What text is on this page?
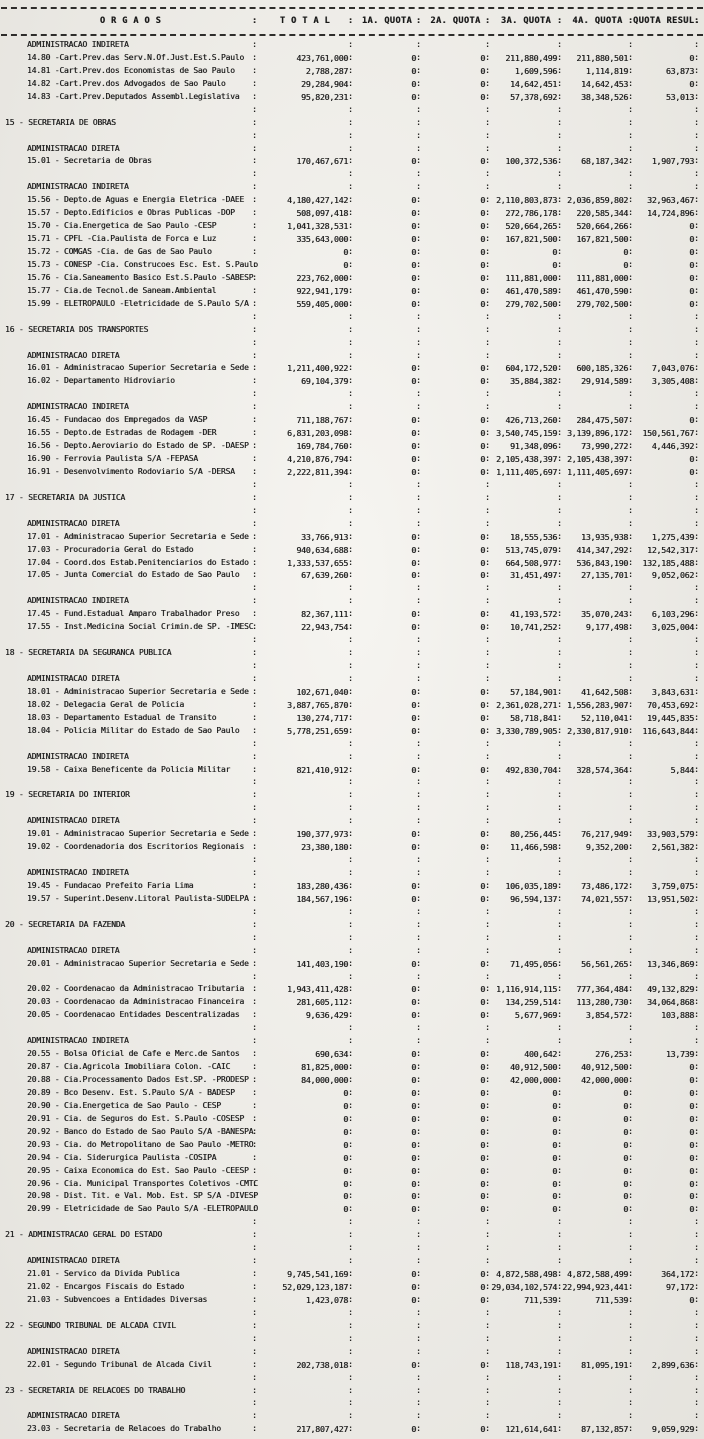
O R G A O S :	T O T A L :	1A. QUOTA :	2A. QUOTA :	3A. QUOTA :	4A. QUOTA :	QUOTA RESUL. :
ADMINISTRACAO INDIRETA :
:
:
:
:
:
:
14.80 -Cart.Prev.das Serv.N.Of.Just.Est.S.Paulo :	423,761,000 :	0 :	0 :	211,880,499 :	211,880,501 :	0 :
14.81 -Cart.Prev.dos Economistas de Sao Paulo :	2,788,287 :	0 :	0 :	1,609,596 :	1,114,819 :	63,873 :
14.82 -Cart.Prev.dos Advogados de Sao Paulo :	29,284,904 :	0 :	0 :	14,642,451 :	14,642,453 :	0 :
14.83 -Cart.Prev.Deputados Assembl.Legislativa :	95,820,231 :	0 :	0 :	57,378,692 :	38,348,526 :	53,013 :
:
:
:
:
:
:
:
15 - SECRETARIA DE OBRAS :
:
:
:
:
:
:
:
:
:
:
:
:
:
ADMINISTRACAO DIRETA :
:
:
:
:
:
:
15.01 - Secretaria de Obras :	170,467,671 :	0 :	0 :	100,372,536 :	68,187,342 :	1,907,793 :
:
:
:
:
:
:
:
ADMINISTRACAO INDIRETA :
:
:
:
:
:
:
15.56 - Depto.de Aguas e Energia Eletrica -DAEE :	4,180,427,142 :	0 :	0 :	2,110,803,873 :	2,036,859,802 :	32,963,467 :
15.57 - Depto.Edificios e Obras Publicas -DOP :	508,097,418 :	0 :	0 :	272,786,178 :	220,585,344 :	14,724,896 :
15.70 - Cia.Energetica de Sao Paulo -CESP :	1,041,328,531 :	0 :	0 :	520,664,265 :	520,664,266 :	0 :
15.71 - CPFL -Cia.Paulista de Forca e Luz :	335,643,000 :	0 :	0 :	167,821,500 :	167,821,500 :	0 :
15.72 - COMGAS -Cia. de Gas de Sao Paulo :	0 :	0 :	0 :	0 :	0 :	0 :
15.73 - CONESP -Cia. Construcoes Esc. Est. S.Paulo :	0 :	0 :	0 :	0 :	0 :	0 :
15.76 - Cia.Saneamento Basico Est.S.Paulo -SABESP :	223,762,000 :	0 :	0 :	111,881,000 :	111,881,000 :	0 :
15.77 - Cia.de Tecnol.de Saneam.Ambiental :	922,941,179 :	0 :	0 :	461,470,589 :	461,470,590 :	0 :
15.99 - ELETROPAULO -Eletricidade de S.Paulo S/A :	559,405,000 :	0 :	0 :	279,702,500 :	279,702,500 :	0 :
:
:
:
:
:
:
:
16 - SECRETARIA DOS TRANSPORTES :
:
:
:
:
:
:
:
:
:
:
:
:
:
ADMINISTRACAO DIRETA :
:
:
:
:
:
:
16.01 - Administracao Superior Secretaria e Sede :	1,211,400,922 :	0 :	0 :	604,172,520 :	600,185,326 :	7,043,076 :
16.02 - Departamento Hidroviario :	69,104,379 :	0 :	0 :	35,884,382 :	29,914,589 :	3,305,408 :
:
:
:
:
:
:
:
ADMINISTRACAO INDIRETA :
:
:
:
:
:
:
16.45 - Fundacao dos Empregados da VASP :	711,188,767 :	0 :	0 :	426,713,260 :	284,475,507 :	0 :
16.55 - Depto.de Estradas de Rodagem -DER :	6,831,203,098 :	0 :	0 :	3,540,745,159 :	3,139,896,172 :	150,561,767 :
16.56 - Depto.Aeroviario do Estado de SP. -DAESP :	169,784,760 :	0 :	0 :	91,348,096 :	73,990,272 :	4,446,392 :
16.90 - Ferrovia Paulista S/A -FEPASA :	4,210,876,794 :	0 :	0 :	2,105,438,397 :	2,105,438,397 :	0 :
16.91 - Desenvolvimento Rodoviario S/A -DERSA :	2,222,811,394 :	0 :	0 :	1,111,405,697 :	1,111,405,697 :	0 :
:
:
:
:
:
:
:
17 - SECRETARIA DA JUSTICA :
:
:
:
:
:
:
:
:
:
:
:
:
:
ADMINISTRACAO DIRETA :
:
:
:
:
:
:
17.01 - Administracao Superior Secretaria e Sede :	33,766,913 :	0 :	0 :	18,555,536 :	13,935,938 :	1,275,439 :
17.03 - Procuradoria Geral do Estado :	940,634,688 :	0 :	0 :	513,745,079 :	414,347,292 :	12,542,317 :
17.04 - Coord.dos Estab.Penitenciarios do Estado :	1,333,537,655 :	0 :	0 :	664,508,977 :	536,843,190 :	132,185,488 :
17.05 - Junta Comercial do Estado de Sao Paulo :	67,639,260 :	0 :	0 :	31,451,497 :	27,135,701 :	9,052,062 :
:
:
:
:
:
:
:
ADMINISTRACAO INDIRETA :
:
:
:
:
:
:
17.45 - Fund.Estadual Amparo Trabalhador Preso :	82,367,111 :	0 :	0 :	41,193,572 :	35,070,243 :	6,103,296 :
17.55 - Inst.Medicina Social Crimin.de SP. -IMESC :	22,943,754 :	0 :	0 :	10,741,252 :	9,177,498 :	3,025,004 :
:
:
:
:
:
:
:
18 - SECRETARIA DA SEGURANCA PUBLICA :
:
:
:
:
:
:
:
:
:
:
:
:
:
ADMINISTRACAO DIRETA :
:
:
:
:
:
:
18.01 - Administracao Superior Secretaria e Sede :	102,671,040 :	0 :	0 :	57,184,901 :	41,642,508 :	3,843,631 :
18.02 - Delegacia Geral de Policia :	3,887,765,870 :	0 :	0 :	2,361,028,271 :	1,556,283,907 :	70,453,692 :
18.03 - Departamento Estadual de Transito :	130,274,717 :	0 :	0 :	58,718,841 :	52,110,041 :	19,445,835 :
18.04 - Policia Militar do Estado de Sao Paulo :	5,778,251,659 :	0 :	0 :	3,330,789,905 :	2,330,817,910 :	116,643,844 :
:
:
:
:
:
:
:
ADMINISTRACAO INDIRETA :
:
:
:
:
:
:
19.58 - Caixa Beneficente da Policia Militar :	821,410,912 :	0 :	0 :	492,830,704 :	328,574,364 :	5,844 :
:
:
:
:
:
:
:
19 - SECRETARIA DO INTERIOR :
:
:
:
:
:
:
:
:
:
:
:
:
:
ADMINISTRACAO DIRETA :
:
:
:
:
:
:
19.01 - Administracao Superior Secretaria e Sede :	190,377,973 :	0 :	0 :	80,256,445 :	76,217,949 :	33,903,579 :
19.02 - Coordenadoria dos Escritorios Regionais :	23,380,180 :	0 :	0 :	11,466,598 :	9,352,200 :	2,561,382 :
:
:
:
:
:
:
:
ADMINISTRACAO INDIRETA :
:
:
:
:
:
:
19.45 - Fundacao Prefeito Faria Lima :	183,280,436 :	0 :	0 :	106,035,189 :	73,486,172 :	3,759,075 :
19.57 - Superint.Desenv.Litoral Paulista-SUDELPA :	184,567,196 :	0 :	0 :	96,594,137 :	74,021,557 :	13,951,502 :
:
:
:
:
:
:
:
20 - SECRETARIA DA FAZENDA :
:
:
:
:
:
:
:
:
:
:
:
:
:
ADMINISTRACAO DIRETA :
:
:
:
:
:
:
20.01 - Administracao Superior Secretaria e Sede :	141,403,190 :	0 :	0 :	71,495,056 :	56,561,265 :	13,346,869 :
:
:
:
:
:
:
:
20.02 - Coordenacao da Administracao Tributaria :	1,943,411,428 :	0 :	0 :	1,116,914,115 :	777,364,484 :	49,132,829 :
20.03 - Coordenacao da Administracao Financeira :	281,605,112 :	0 :	0 :	134,259,514 :	113,280,730 :	34,064,868 :
20.05 - Coordenacao Entidades Descentralizadas :	9,636,429 :	0 :	0 :	5,677,969 :	3,854,572 :	103,888 :
:
:
:
:
:
:
:
ADMINISTRACAO INDIRETA :
:
:
:
:
:
:
20.55 - Bolsa Oficial de Cafe e Merc.de Santos :	690,634 :	0 :	0 :	400,642 :	276,253 :	13,739 :
20.87 - Cia.Agricola Imobiliara Colon. -CAIC :	81,825,000 :	0 :	0 :	40,912,500 :	40,912,500 :	0 :
20.88 - Cia.Processamento Dados Est.SP. -PRODESP :	84,000,000 :	0 :	0 :	42,000,000 :	42,000,000 :	0 :
20.89 - Bco Desenv. Est. S.Paulo S/A - BADESP :	0 :	0 :	0 :	0 :	0 :	0 :
20.90 - Cia.Energetica de Sao Paulo - CESP :	0 :	0 :	0 :	0 :	0 :	0 :
20.91 - Cia. de Seguros do Est. S.Paulo -COSESP :	0 :	0 :	0 :	0 :	0 :	0 :
20.92 - Banco do Estado de Sao Paulo S/A -BANESPA :	0 :	0 :	0 :	0 :	0 :	0 :
20.93 - Cia. do Metropolitano de Sao Paulo -METRO :	0 :	0 :	0 :	0 :	0 :	0 :
20.94 - Cia. Siderurgica Paulista -COSIPA :	0 :	0 :	0 :	0 :	0 :	0 :
20.95 - Caixa Economica do Est. Sao Paulo -CEESP :	0 :	0 :	0 :	0 :	0 :	0 :
20.96 - Cia. Municipal Transportes Coletivos -CMTC :	0 :	0 :	0 :	0 :	0 :	0 :
20.98 - Dist. Tit. e Val. Mob. Est. SP S/A -DIVESP :	0 :	0 :	0 :	0 :	0 :	0 :
20.99 - Eletricidade de Sao Paulo S/A -ELETROPAULO :	0 :	0 :	0 :	0 :	0 :	0 :
:
:
:
:
:
:
:
21 - ADMINISTRACAO GERAL DO ESTADO :
:
:
:
:
:
:
:
:
:
:
:
:
:
ADMINISTRACAO DIRETA :
:
:
:
:
:
:
21.01 - Servico da Divida Publica :	9,745,541,169 :	0 :	0 :	4,872,588,498 :	4,872,588,499 :	364,172 :
21.02 - Encargos Fiscais do Estado :	52,029,123,187 :	0 :	0 : 29,034,102,574 : 22,994,923,441 :	97,172 :
21.03 - Subvencoes a Entidades Diversas :	1,423,078 :	0 :	0 :	711,539 :	711,539 :	0 :
:
:
:
:
:
:
:
22 - SEGUNDO TRIBUNAL DE ALCADA CIVIL :
:
:
:
:
:
:
:
:
:
:
:
:
:
ADMINISTRACAO DIRETA :
:
:
:
:
:
:
22.01 - Segundo Tribunal de Alcada Civil :	202,738,018 :	0 :	0 :	118,743,191 :	81,095,191 :	2,899,636 :
:
:
:
:
:
:
:
23 - SECRETARIA DE RELACOES DO TRABALHO :
:
:
:
:
:
:
:
:
:
:
:
:
:
ADMINISTRACAO DIRETA :
:
:
:
:
:
:
23.03 - Secretaria de Relacoes do Trabalho :	217,807,427 :	0 :	0 :	121,614,641 :	87,132,857 :	9,059,929 :
